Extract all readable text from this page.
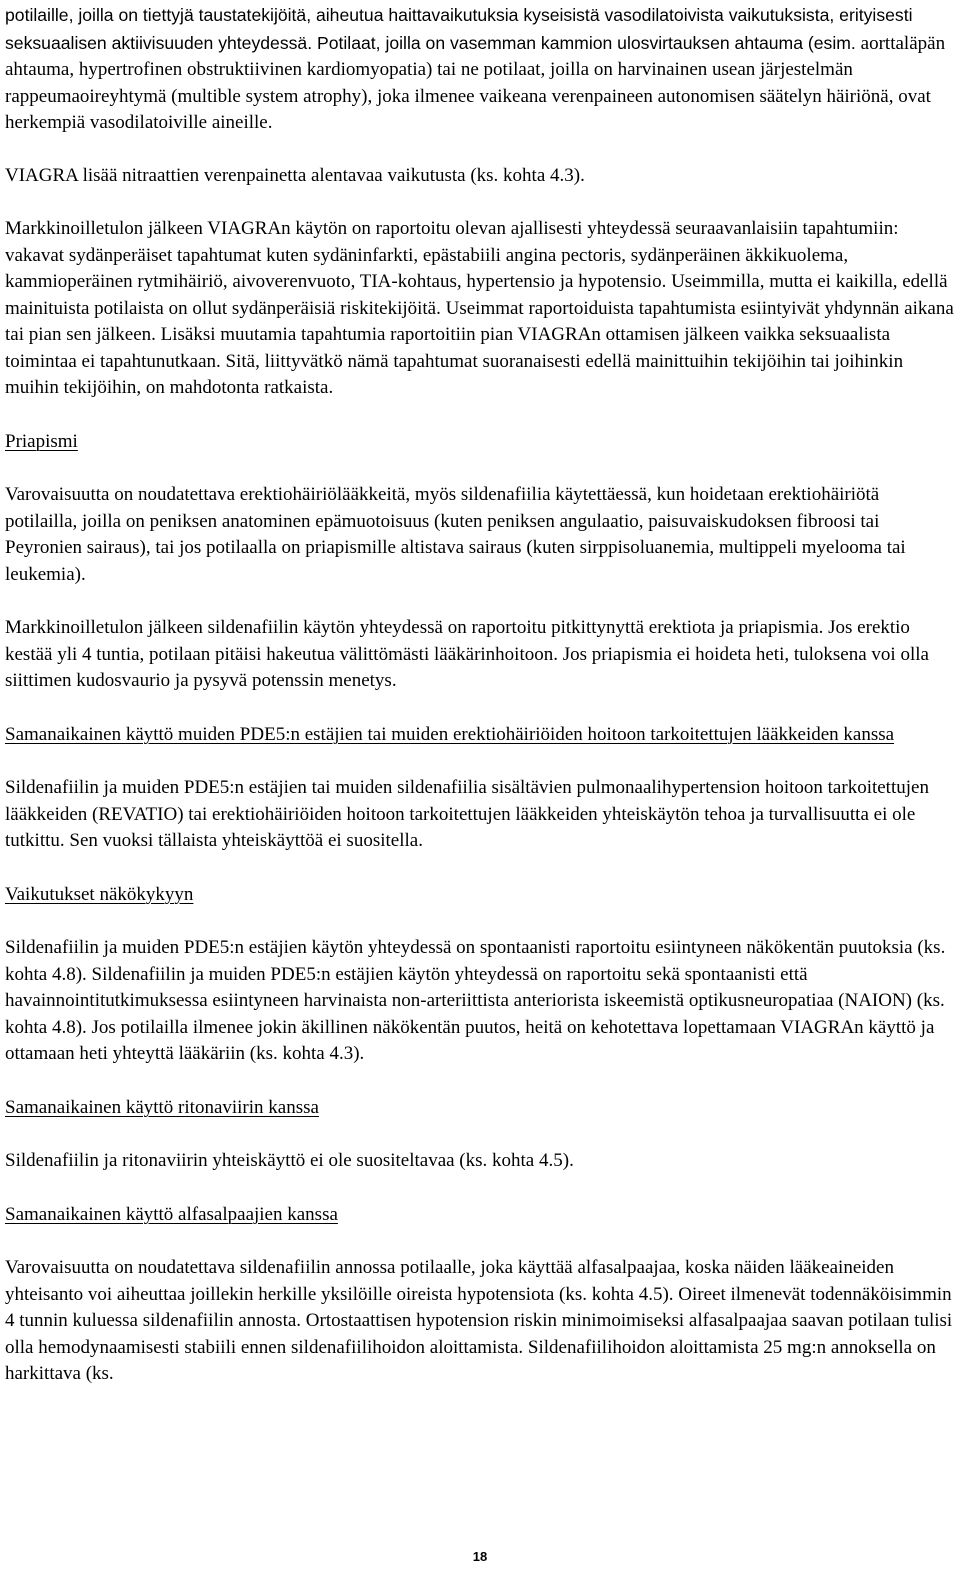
potilaille, joilla on tiettyjä taustatekijöitä, aiheutua haittavaikutuksia kyseisistä vasodilatoivista vaikutuksista, erityisesti seksuaalisen aktiivisuuden yhteydessä. Potilaat, joilla on vasemman kammion ulosvirtauksen ahtauma (esim. aorttaläpän ahtauma, hypertrofinen obstruktiivinen kardiomyopatia) tai ne potilaat, joilla on harvinainen usean järjestelmän rappeumaoireyhtymä (multible system atrophy), joka ilmenee vaikeana verenpaineen autonomisen säätelyn häiriönä, ovat herkempiä vasodilatoiville aineille.

VIAGRA lisää nitraattien verenpainetta alentavaa vaikutusta (ks. kohta 4.3).

Markkinoilletulon jälkeen VIAGRAn käytön on raportoitu olevan ajallisesti yhteydessä seuraavanlaisiin tapahtumiin: vakavat sydänperäiset tapahtumat kuten sydäninfarkti, epästabiili angina pectoris, sydänperäinen äkkikuolema, kammioperäinen rytmihäiriö, aivoverenvuoto, TIA-kohtaus, hypertensio ja hypotensio. Useimmilla, mutta ei kaikilla, edellä mainituista potilaista on ollut sydänperäisiä riskitekijöitä. Useimmat raportoiduista tapahtumista esiintyivät yhdynnän aikana tai pian sen jälkeen. Lisäksi muutamia tapahtumia raportoitiin pian VIAGRAn ottamisen jälkeen vaikka seksuaalista toimintaa ei tapahtunutkaan. Sitä, liittyvätkö nämä tapahtumat suoranaisesti edellä mainittuihin tekijöihin tai joihinkin muihin tekijöihin, on mahdotonta ratkaista.

Priapismi

Varovaisuutta on noudatettava erektiohäiriölääkkeitä, myös sildenafiilia käytettäessä, kun hoidetaan erektiohäiriötä potilailla, joilla on peniksen anatominen epämuotoisuus (kuten peniksen angulaatio, paisuvaiskudoksen fibroosi tai Peyronien sairaus), tai jos potilaalla on priapismille altistava sairaus (kuten sirppisoluanemia, multippeli myelooma tai leukemia).

Markkinoilletulon jälkeen sildenafiilin käytön yhteydessä on raportoitu pitkittynyttä erektiota ja priapismia. Jos erektio kestää yli 4 tuntia, potilaan pitäisi hakeutua välittömästi lääkärinhoitoon. Jos priapismia ei hoideta heti, tuloksena voi olla siittimen kudosvaurio ja pysyvä potenssin menetys.

Samanaikainen käyttö muiden PDE5:n estäjien tai muiden erektiohäiriöiden hoitoon tarkoitettujen lääkkeiden kanssa

Sildenafiilin ja muiden PDE5:n estäjien tai muiden sildenafiilia sisältävien pulmonaalihypertension hoitoon tarkoitettujen lääkkeiden (REVATIO) tai erektiohäiriöiden hoitoon tarkoitettujen lääkkeiden yhteiskäytön tehoa ja turvallisuutta ei ole tutkittu. Sen vuoksi tällaista yhteiskäyttöä ei suositella.

Vaikutukset näkökykyyn

Sildenafiilin ja muiden PDE5:n estäjien käytön yhteydessä on spontaanisti raportoitu esiintyneen näkökentän puutoksia (ks. kohta 4.8). Sildenafiilin ja muiden PDE5:n estäjien käytön yhteydessä on raportoitu sekä spontaanisti että havainnointitutkimuksessa esiintyneen harvinaista non-arteriittista anteriorista iskeemistä optikusneuropatiaa (NAION) (ks. kohta 4.8). Jos potilailla ilmenee jokin äkillinen näkökentän puutos, heitä on kehotettava lopettamaan VIAGRAn käyttö ja ottamaan heti yhteyttä lääkäriin (ks. kohta 4.3).

Samanaikainen käyttö ritonaviirin kanssa

Sildenafiilin ja ritonaviirin yhteiskäyttö ei ole suositeltavaa (ks. kohta 4.5).

Samanaikainen käyttö alfasalpaajien kanssa

Varovaisuutta on noudatettava sildenafiilin annossa potilaalle, joka käyttää alfasalpaajaa, koska näiden lääkeaineiden yhteisanto voi aiheuttaa joillekin herkille yksilöille oireista hypotensiota (ks. kohta 4.5). Oireet ilmenevät todennäköisimmin 4 tunnin kuluessa sildenafiilin annosta. Ortostaattisen hypotension riskin minimoimiseksi alfasalpaajaa saavan potilaan tulisi olla hemodynaamisesti stabiili ennen sildenafiilihoidon aloittamista. Sildenafiilihoidon aloittamista 25 mg:n annoksella on harkittava (ks.

18
